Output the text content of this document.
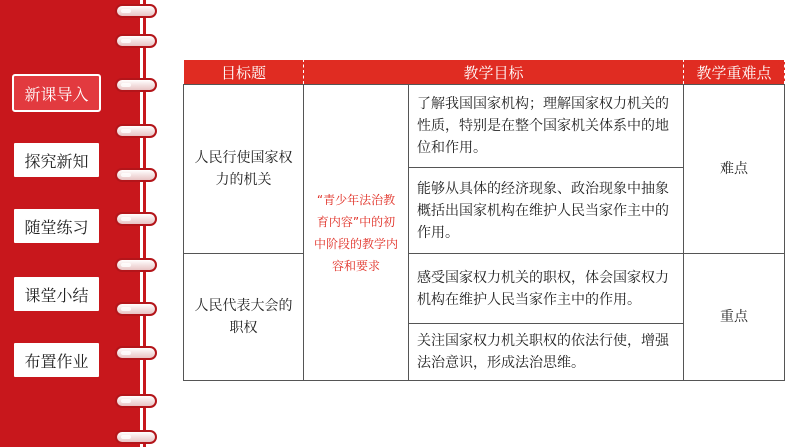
新课导入
探究新知
随堂练习
课堂小结
布置作业
目标题	教学目标		教学重难点
人民行使国家权力的机关	“青少年法治教育内容”中的初中阶段的教学内容和要求	了解我国国家机构；理解国家权力机关的性质，特别是在整个国家机关体系中的地位和作用。	难点
		能够从具体的经济现象、政治现象中抽象概括出国家机构在维护人民当家作主中的作用。	
人民代表大会的职权		感受国家权力机关的职权，体会国家权力机构在维护人民当家作主中的作用。	重点
		关注国家权力机关职权的依法行使，增强法治意识，形成法治思维。	
